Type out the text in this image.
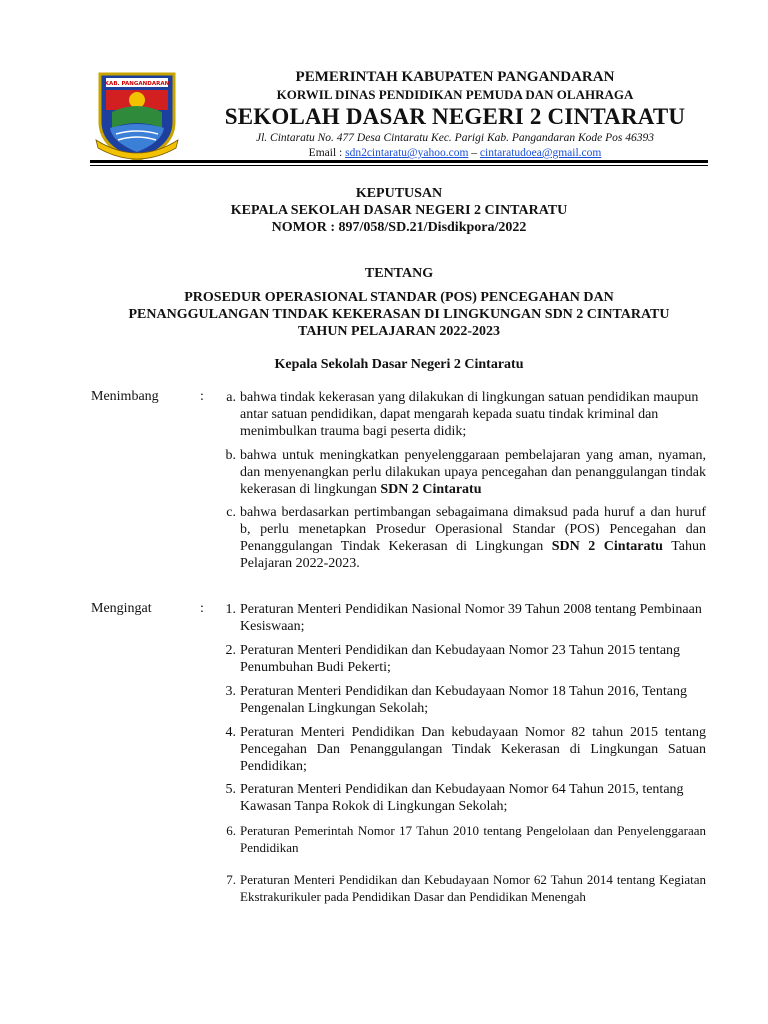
KAB. PANGANDARAN	PEMERINTAH KABUPATEN PANGANDARAN
KORWIL DINAS PENDIDIKAN PEMUDA DAN OLAHRAGA
SEKOLAH DASAR NEGERI 2 CINTARATU
Jl. Cintaratu No. 477 Desa Cintaratu Kec. Parigi Kab. Pangandaran Kode Pos 46393
Email : sdn2cintaratu@yahoo.com – cintaratudoea@gmail.com
KEPUTUSAN
KEPALA SEKOLAH DASAR NEGERI 2 CINTARATU
NOMOR : 897/058/SD.21/Disdikpora/2022
TENTANG
PROSEDUR OPERASIONAL STANDAR (POS) PENCEGAHAN DAN
PENANGGULANGAN TINDAK KEKERASAN DI LINGKUNGAN SDN 2 CINTARATU
TAHUN PELAJARAN 2022-2023
Kepala Sekolah Dasar Negeri 2 Cintaratu
Menimbang	:	a. bahwa tindak kekerasan yang dilakukan di lingkungan satuan pendidikan maupun antar satuan pendidikan, dapat mengarah kepada suatu tindak kriminal dan menimbulkan trauma bagi peserta didik;
b. bahwa untuk meningkatkan penyelenggaraan pembelajaran yang aman, nyaman, dan menyenangkan perlu dilakukan upaya pencegahan dan penanggulangan tindak kekerasan di lingkungan SDN 2 Cintaratu
c. bahwa berdasarkan pertimbangan sebagaimana dimaksud pada huruf a dan huruf b, perlu menetapkan Prosedur Operasional Standar (POS) Pencegahan dan Penanggulangan Tindak Kekerasan di Lingkungan SDN 2 Cintaratu Tahun Pelajaran 2022-2023.
Mengingat	:	1. Peraturan Menteri Pendidikan Nasional Nomor 39 Tahun 2008 tentang Pembinaan Kesiswaan;
2. Peraturan Menteri Pendidikan dan Kebudayaan Nomor 23 Tahun 2015 tentang Penumbuhan Budi Pekerti;
3. Peraturan Menteri Pendidikan dan Kebudayaan Nomor 18 Tahun 2016, Tentang Pengenalan Lingkungan Sekolah;
4. Peraturan Menteri Pendidikan Dan kebudayaan Nomor 82 tahun 2015 tentang Pencegahan Dan Penanggulangan Tindak Kekerasan di Lingkungan Satuan Pendidikan;
5. Peraturan Menteri Pendidikan dan Kebudayaan Nomor 64 Tahun 2015, tentang Kawasan Tanpa Rokok di Lingkungan Sekolah;
6. Peraturan Pemerintah Nomor 17 Tahun 2010 tentang Pengelolaan dan Penyelenggaraan Pendidikan
7. Peraturan Menteri Pendidikan dan Kebudayaan Nomor 62 Tahun 2014 tentang Kegiatan Ekstrakurikuler pada Pendidikan Dasar dan Pendidikan Menengah
